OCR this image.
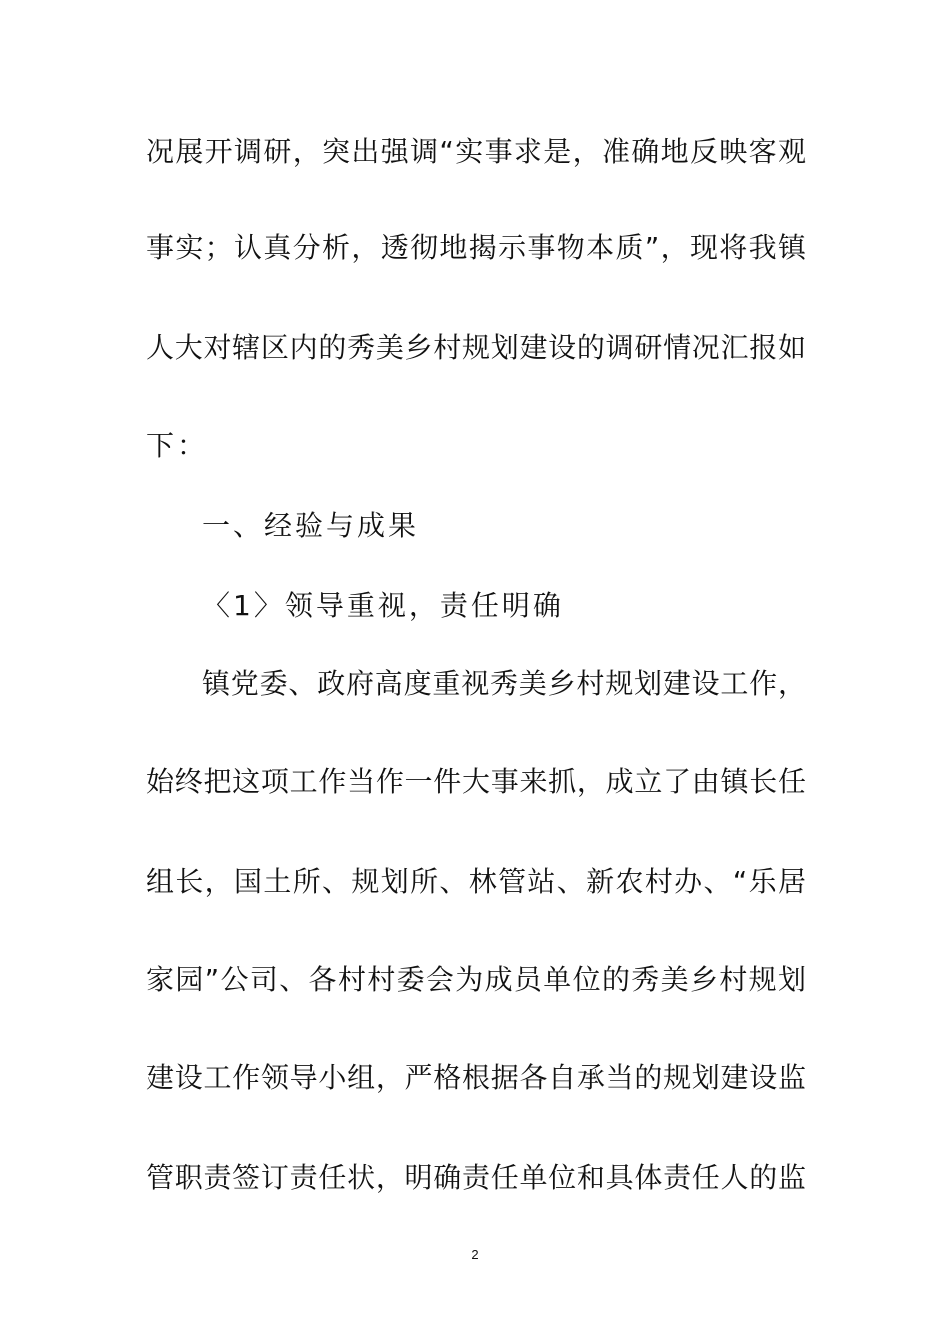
况展开调研，突出强调“实事求是，准确地反映客观
事实；认真分析，透彻地揭示事物本质”，现将我镇
人大对辖区内的秀美乡村规划建设的调研情况汇报如
下：
一、经验与成果
〈1〉领导重视，责任明确
镇党委、政府高度重视秀美乡村规划建设工作，
始终把这项工作当作一件大事来抓，成立了由镇长任
组长，国土所、规划所、林管站、新农村办、“乐居
家园”公司、各村村委会为成员单位的秀美乡村规划
建设工作领导小组，严格根据各自承当的规划建设监
管职责签订责任状，明确责任单位和具体责任人的监
2
